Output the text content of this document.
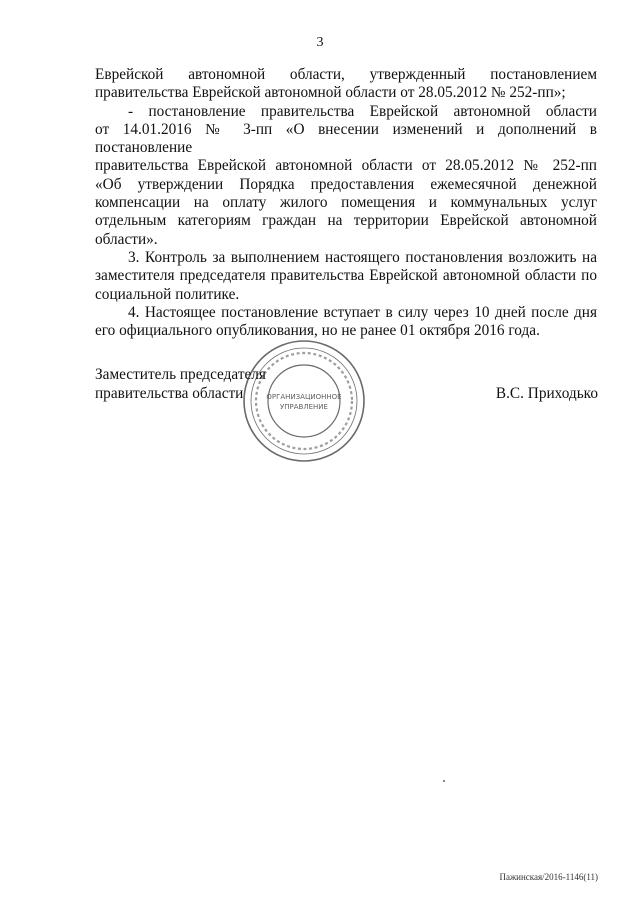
3

Еврейской автономной области, утвержденный постановлением

правительства Еврейской автономной области от 28.05.2012 № 252-пп»;

- постановление правительства Еврейской автономной области

от 14.01.2016 № 3-пп «О внесении изменений и дополнений в постановление

правительства Еврейской автономной области от 28.05.2012 № 252-пп

«Об утверждении Порядка предоставления ежемесячной денежной

компенсации на оплату жилого помещения и коммунальных услуг

отдельным категориям граждан на территории Еврейской автономной

области».

3. Контроль за выполнением настоящего постановления возложить на

заместителя председателя правительства Еврейской автономной области по

социальной политике.

4. Настоящее постановление вступает в силу через 10 дней после дня

его официального опубликования, но не ранее 01 октября 2016 года.

ОРГАНИЗАЦИОННОЕ
УПРАВЛЕНИЕ
Заместитель председателя
правительства области	В.С. Приходько
Пажинская/2016-1146(11)
